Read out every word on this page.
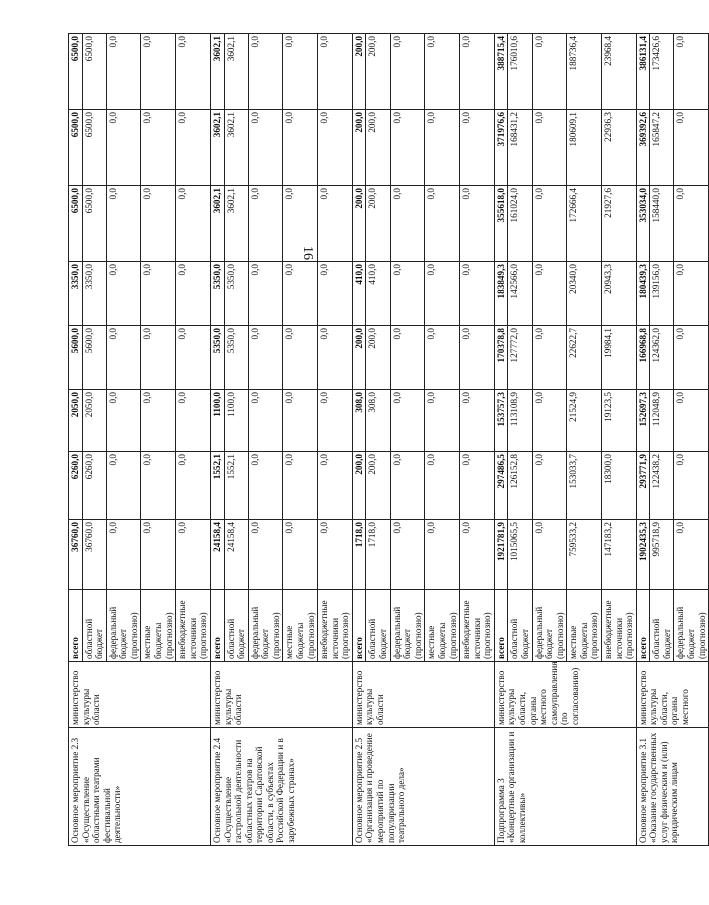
16
Основное мероприятие 2.3 «Осуществление областными театрами фестивальной деятельности»	министерство культуры области	всего	36760,0	6260,0	2050,0	5600,0	3350,0	6500,0	6500,0	6500,0
		областной бюджет	36760,0	6260,0	2050,0	5600,0	3350,0	6500,0	6500,0	6500,0
		федеральный бюджет (прогнозно)	0,0	0,0	0,0	0,0	0,0	0,0	0,0	0,0
		местные бюджеты (прогнозно)	0,0	0,0	0,0	0,0	0,0	0,0	0,0	0,0
		внебюджетные источники (прогнозно)	0,0	0,0	0,0	0,0	0,0	0,0	0,0	0,0
Основное мероприятие 2.4 «Осуществление гастрольной деятельности областных театров на территории Саратовской области, в субъектах Российской Федерации и в зарубежных странах»	министерство культуры области	всего	24158,4	1552,1	1100,0	5350,0	5350,0	3602,1	3602,1	3602,1
		областной бюджет	24158,4	1552,1	1100,0	5350,0	5350,0	3602,1	3602,1	3602,1
		федеральный бюджет (прогнозно)	0,0	0,0	0,0	0,0	0,0	0,0	0,0	0,0
		местные бюджеты (прогнозно)	0,0	0,0	0,0	0,0	0,0	0,0	0,0	0,0
		внебюджетные источники (прогнозно)	0,0	0,0	0,0	0,0	0,0	0,0	0,0	0,0
Основное мероприятие 2.5 «Организация и проведение мероприятий по популяризации театрального дела»	министерство культуры области	всего	1718,0	200,0	308,0	200,0	410,0	200,0	200,0	200,0
		областной бюджет	1718,0	200,0	308,0	200,0	410,0	200,0	200,0	200,0
		федеральный бюджет (прогнозно)	0,0	0,0	0,0	0,0	0,0	0,0	0,0	0,0
		местные бюджеты (прогнозно)	0,0	0,0	0,0	0,0	0,0	0,0	0,0	0,0
		внебюджетные источники (прогнозно)	0,0	0,0	0,0	0,0	0,0	0,0	0,0	0,0
Подпрограмма 3 «Концертные организации и коллективы»	министерство культуры области, органы местного самоуправления (по согласованию)	всего	1921781,9	297486,5	153757,3	170378,8	183849,3	355618,0	371976,6	388715,4
		областной бюджет	1015065,5	126152,8	113108,9	127772,0	142566,0	161024,0	168431,2	176010,6
		федеральный бюджет (прогнозно)	0,0	0,0	0,0	0,0	0,0	0,0	0,0	0,0
		местные бюджеты (прогнозно)	759533,2	153033,7	21524,9	22622,7	20340,0	172666,4	180609,1	188736,4
		внебюджетные источники (прогнозно)	147183,2	18300,0	19123,5	19984,1	20943,3	21927,6	22936,3	23968,4
Основное мероприятие 3.1 «Оказание государственных услуг физическим и (или) юридическим лицам	министерство культуры области, органы местного	всего	1902435,3	293771,9	152697,3	166968,8	180439,3	353034,0	369392,6	386131,4
		областной бюджет	995718,9	122438,2	112048,9	124362,0	139156,0	158440,0	165847,2	173426,6
		федеральный бюджет (прогнозно)	0,0	0,0	0,0	0,0	0,0	0,0	0,0	0,0
